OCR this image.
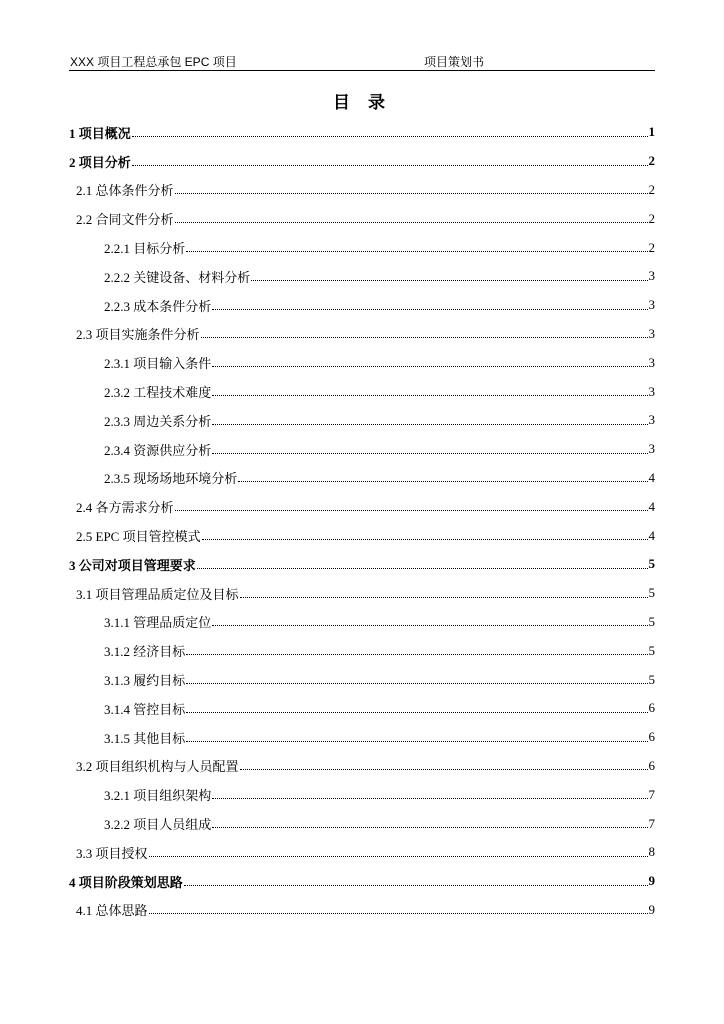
XXX 项目工程总承包 EPC 项目	项目策划书
目 录
1 项目概况	1
2 项目分析	2
2.1 总体条件分析	2
2.2 合同文件分析	2
2.2.1 目标分析	2
2.2.2 关键设备、材料分析	3
2.2.3 成本条件分析	3
2.3 项目实施条件分析	3
2.3.1 项目输入条件	3
2.3.2 工程技术难度	3
2.3.3 周边关系分析	3
2.3.4 资源供应分析	3
2.3.5 现场场地环境分析	4
2.4 各方需求分析	4
2.5 EPC 项目管控模式	4
3 公司对项目管理要求	5
3.1 项目管理品质定位及目标	5
3.1.1 管理品质定位	5
3.1.2 经济目标	5
3.1.3 履约目标	5
3.1.4 管控目标	6
3.1.5 其他目标	6
3.2 项目组织机构与人员配置	6
3.2.1 项目组织架构	7
3.2.2 项目人员组成	7
3.3 项目授权	8
4 项目阶段策划思路	9
4.1 总体思路	9
